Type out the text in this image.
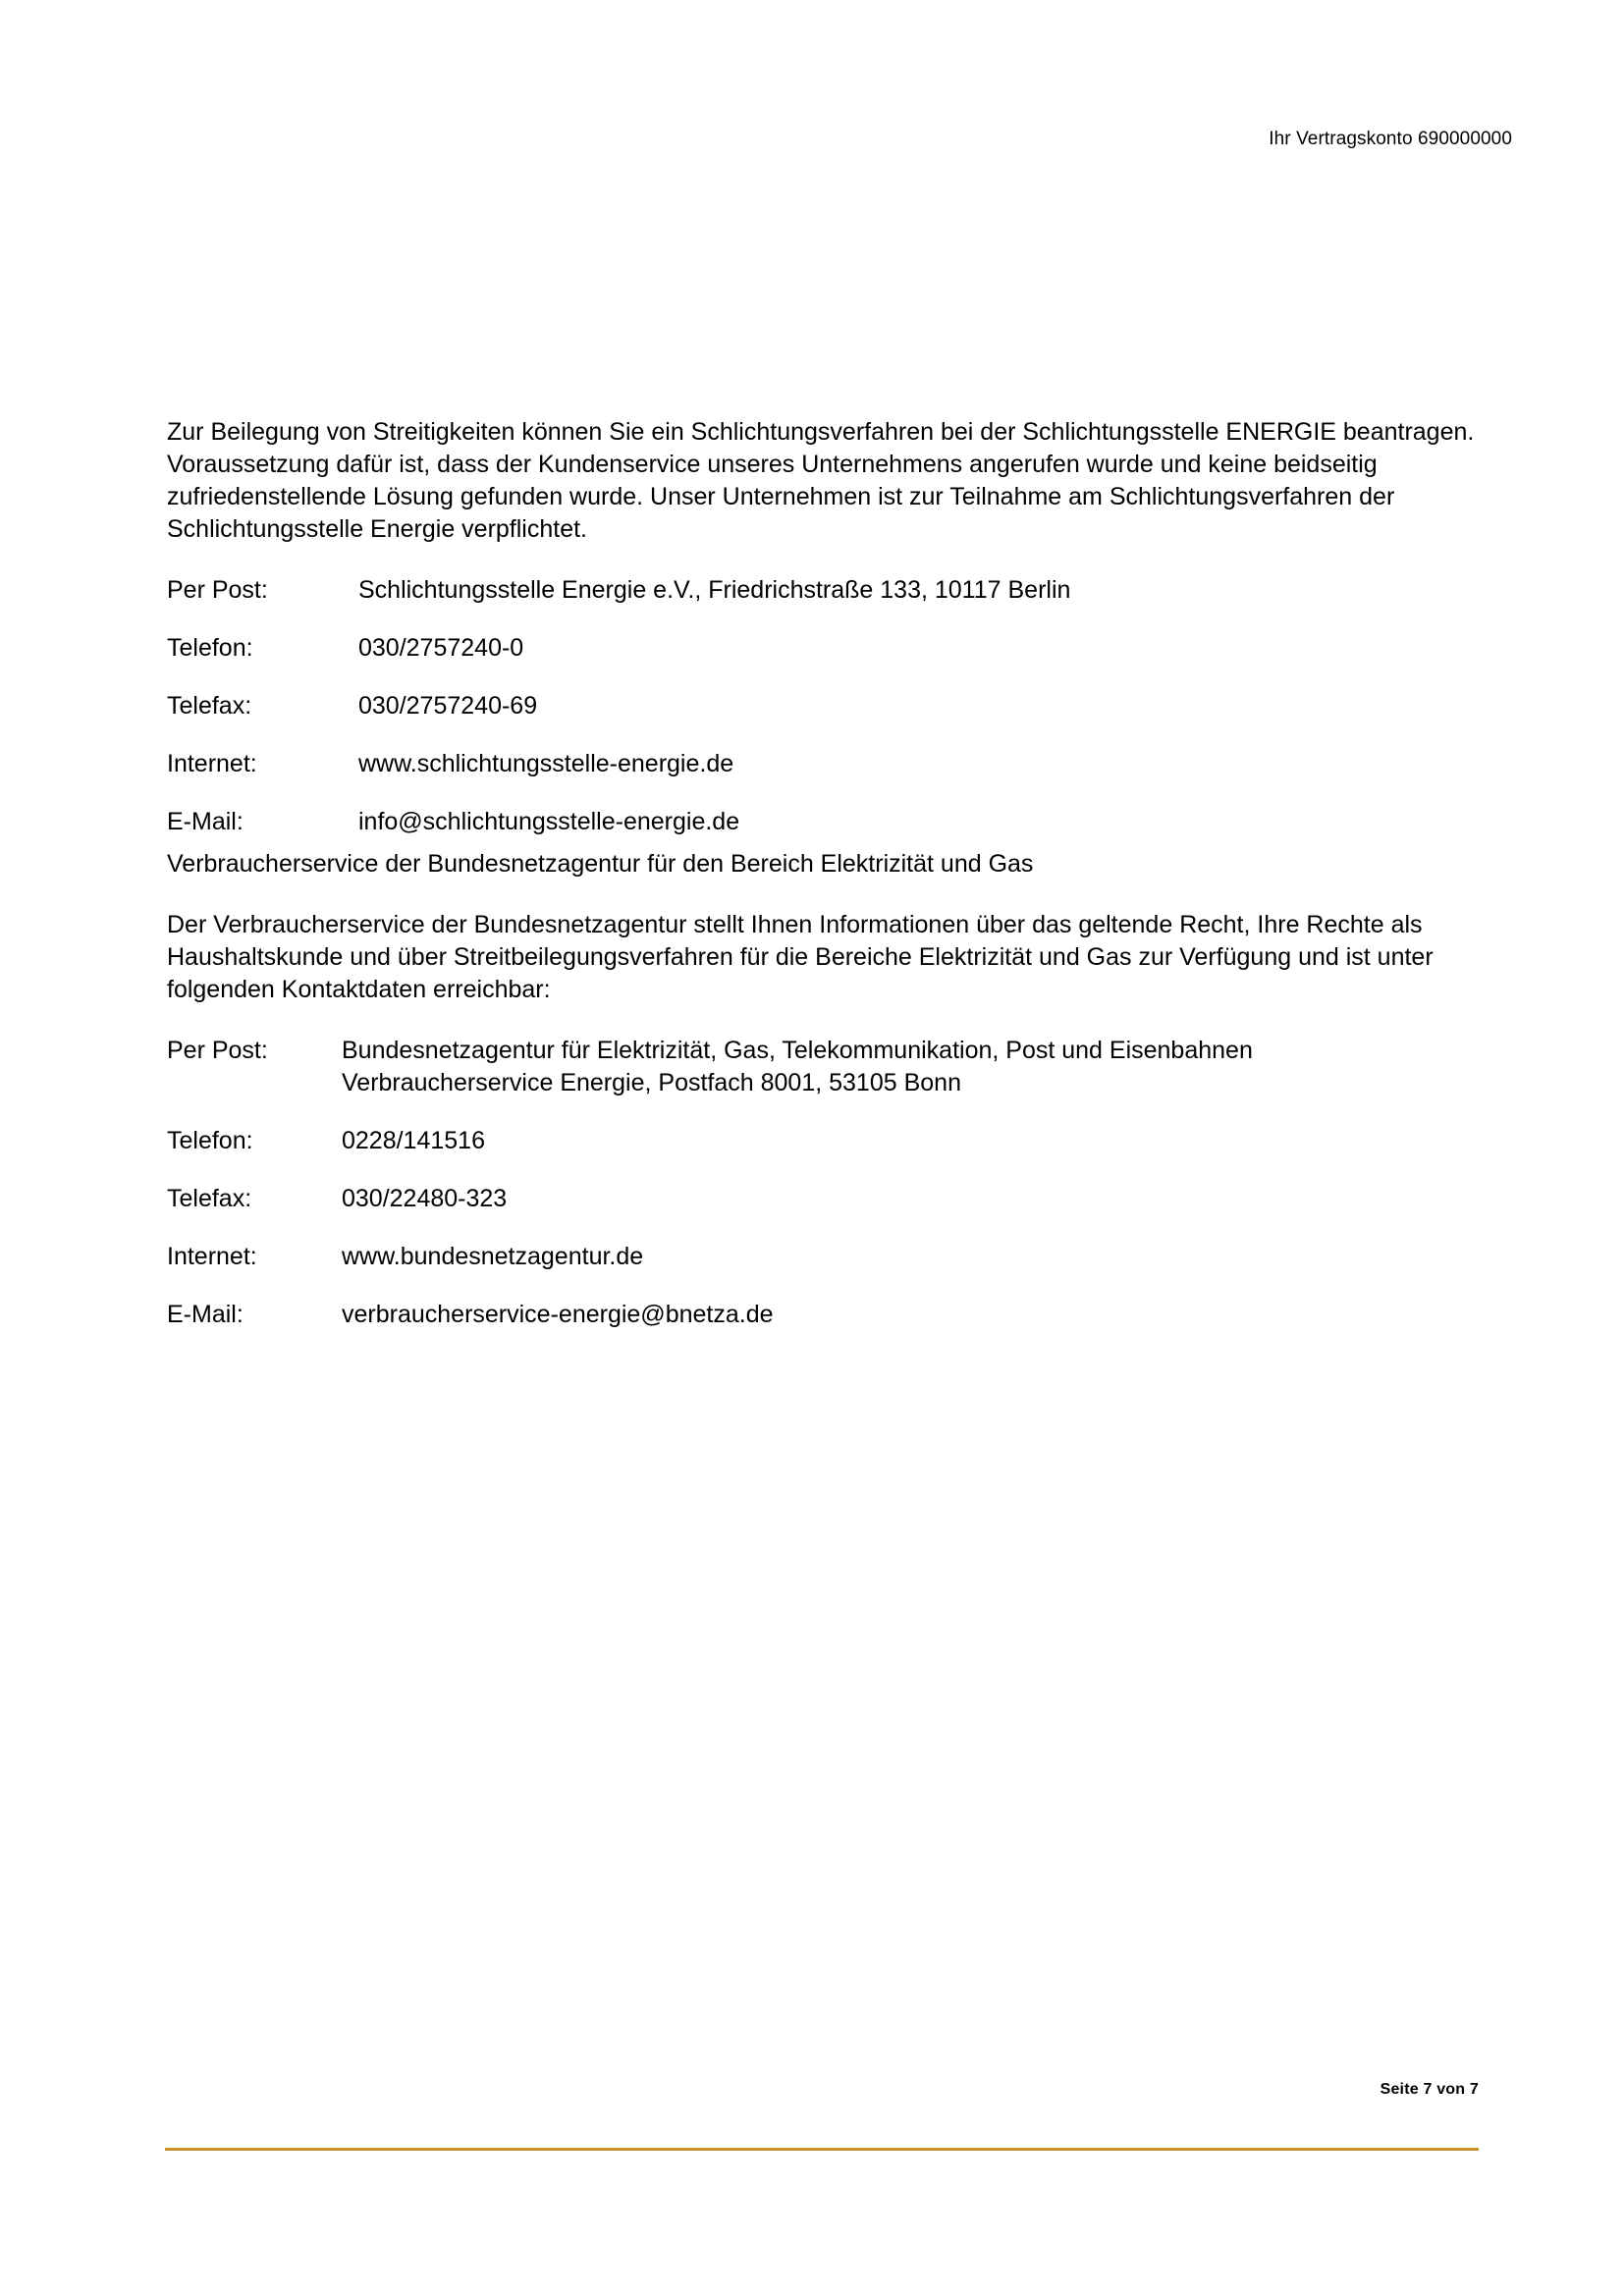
Ihr Vertragskonto 690000000

Zur Beilegung von Streitigkeiten können Sie ein Schlichtungsverfahren bei der Schlichtungsstelle ENERGIE beantragen. Voraussetzung dafür ist, dass der Kundenservice unseres Unternehmens angerufen wurde und keine beidseitig zufriedenstellende Lösung gefunden wurde. Unser Unternehmen ist zur Teilnahme am Schlichtungsverfahren der Schlichtungsstelle Energie verpflichtet.

Per Post:	Schlichtungsstelle Energie e.V., Friedrichstraße 133, 10117 Berlin
Telefon:	030/2757240-0
Telefax:	030/2757240-69
Internet:	www.schlichtungsstelle-energie.de
E-Mail:	info@schlichtungsstelle-energie.de
Verbraucherservice der Bundesnetzagentur für den Bereich Elektrizität und Gas

Der Verbraucherservice der Bundesnetzagentur stellt Ihnen Informationen über das geltende Recht, Ihre Rechte als Haushaltskunde und über Streitbeilegungsverfahren für die Bereiche Elektrizität und Gas zur Verfügung und ist unter folgenden Kontaktdaten erreichbar:

Per Post:	Bundesnetzagentur für Elektrizität, Gas, Telekommunikation, Post und Eisenbahnen
Verbraucherservice Energie, Postfach 8001, 53105 Bonn
Telefon:	0228/141516
Telefax:	030/22480-323
Internet:	www.bundesnetzagentur.de
E-Mail:	verbraucherservice-energie@bnetza.de
Seite 7 von 7
